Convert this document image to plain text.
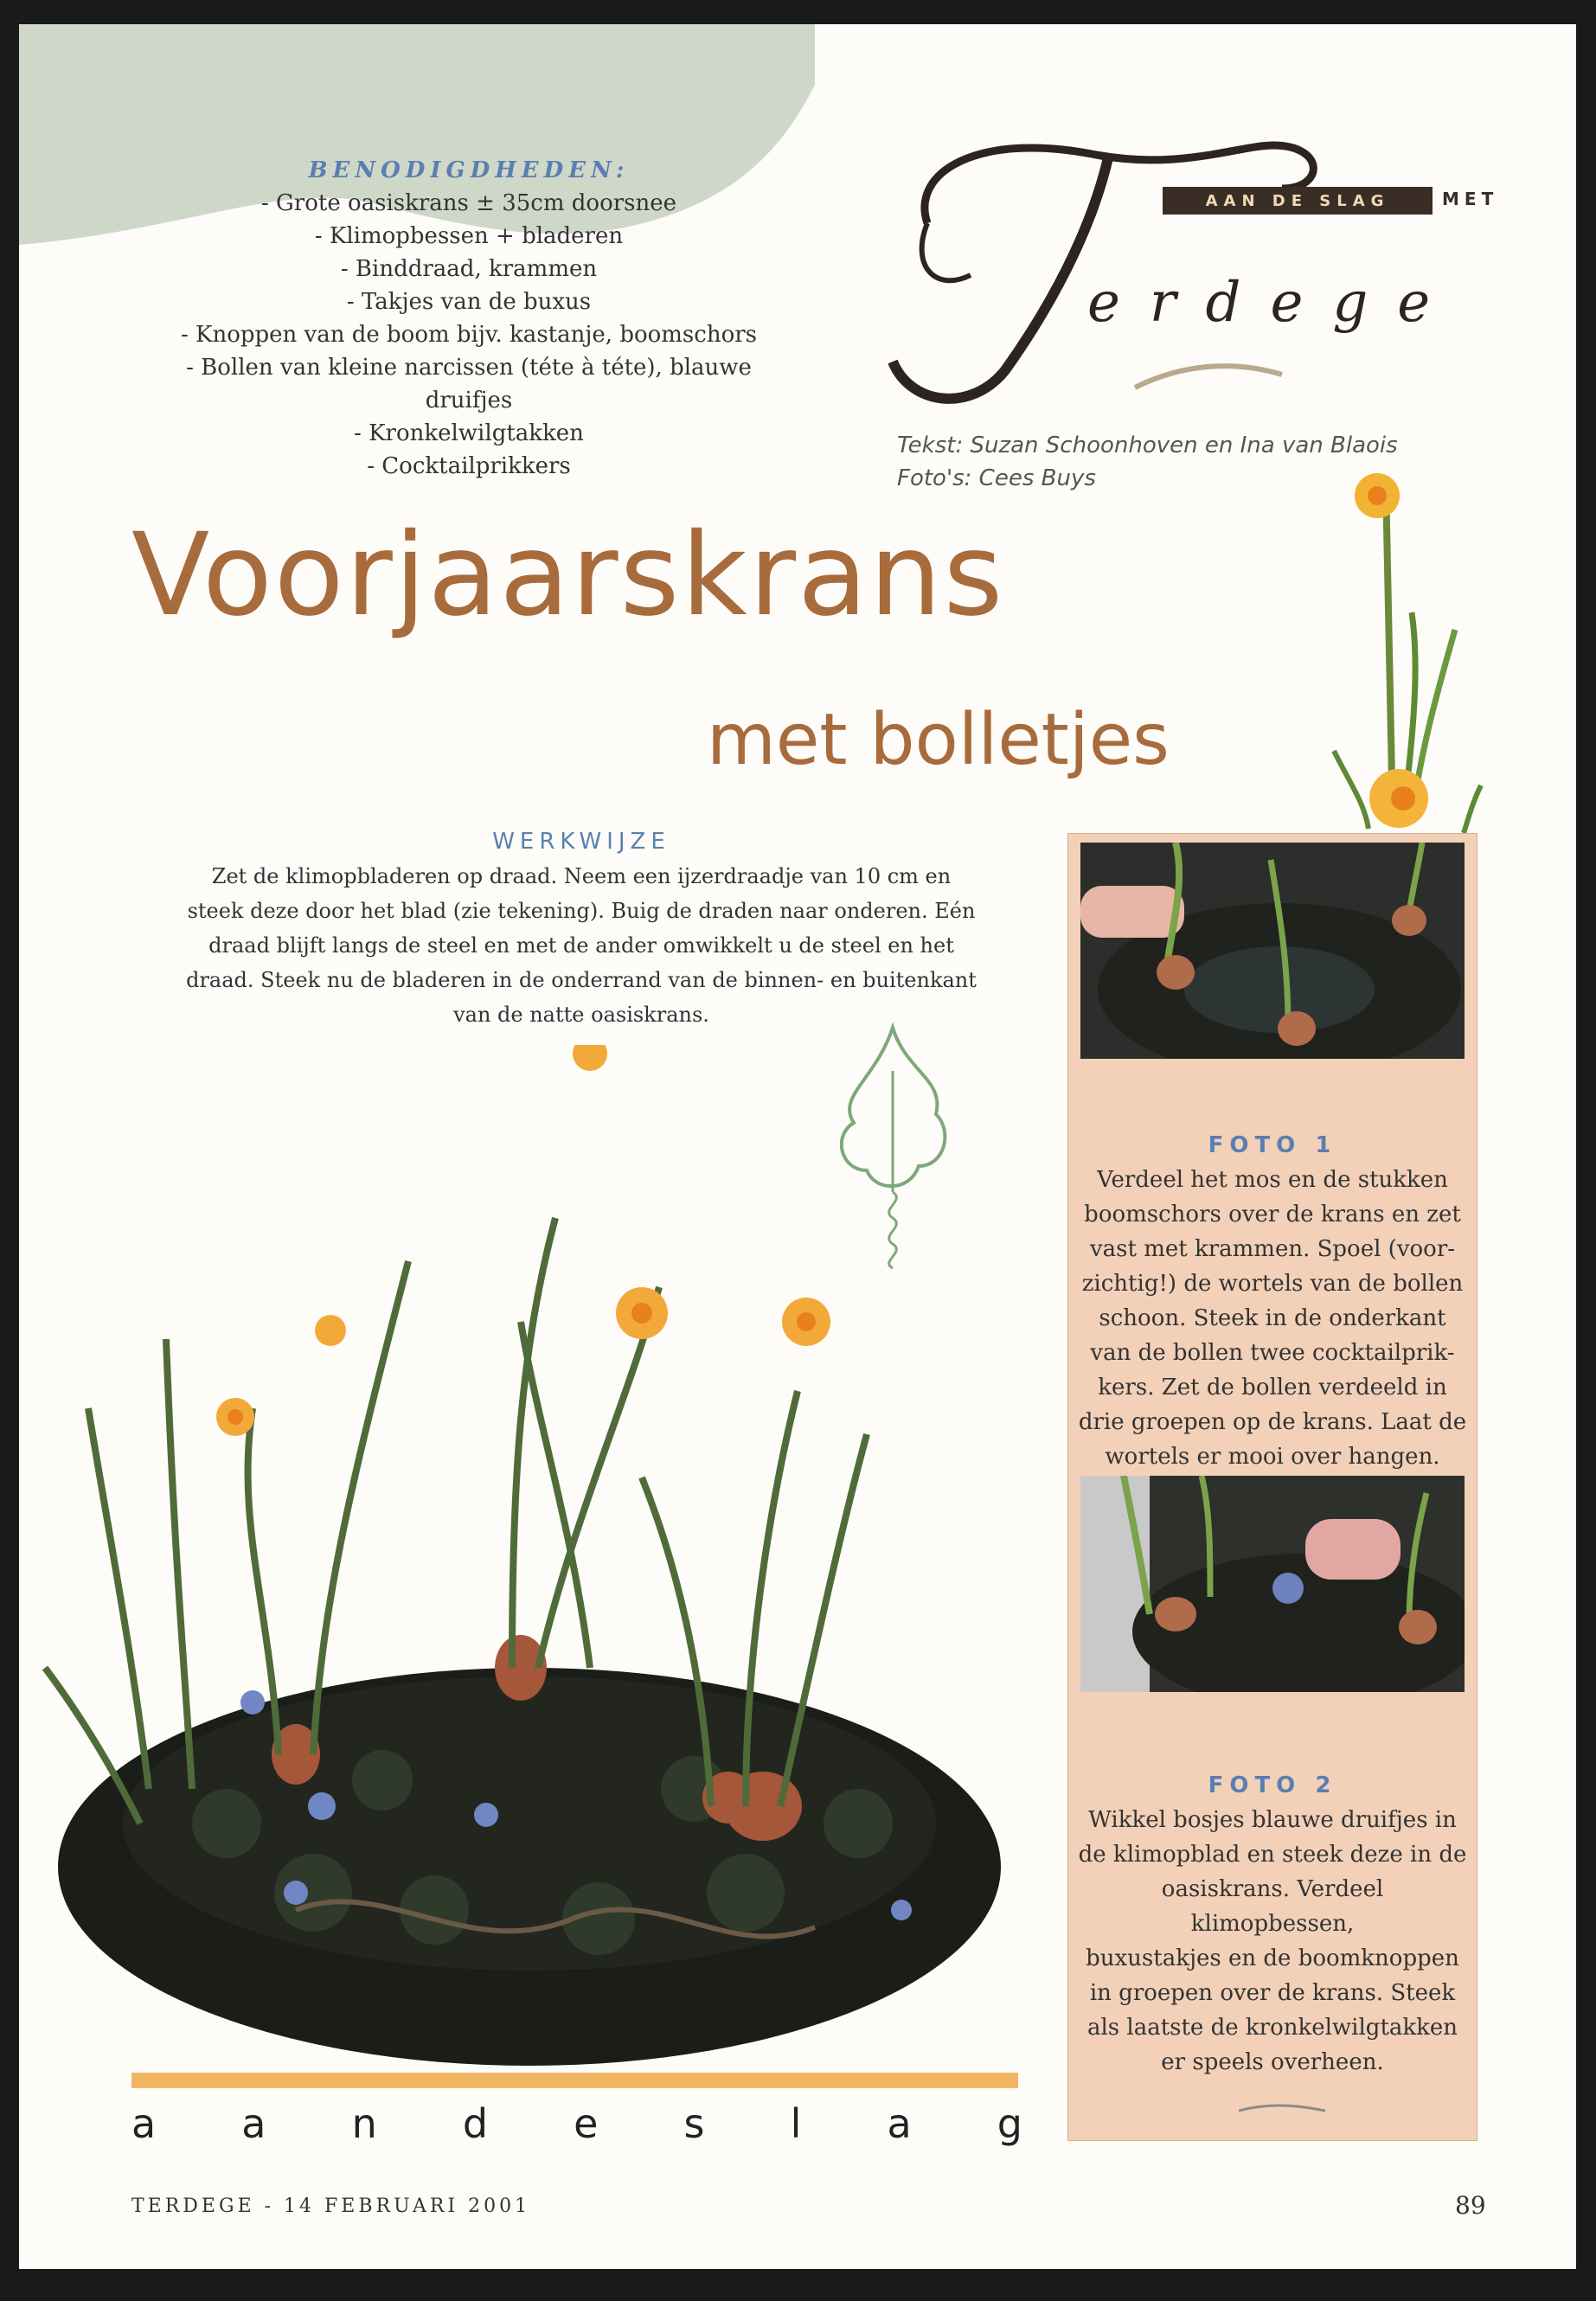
BENODIGDHEDEN:
- Grote oasiskrans ± 35cm doorsnee
- Klimopbessen + bladeren
- Binddraad, krammen
- Takjes van de buxus
- Knoppen van de boom bijv. kastanje, boomschors
- Bollen van kleine narcissen (téte à téte), blauwe
druifjes
- Kronkelwilgtakken
- Cocktailprikkers
AAN DE SLAG	MET
erdege
Tekst: Suzan Schoonhoven en Ina van Blaois
Foto's: Cees Buys
Voorjaarskrans
met bolletjes
WERKWIJZE
Zet de klimopbladeren op draad. Neem een ijzerdraadje van 10 cm en
steek deze door het blad (zie tekening). Buig de draden naar onderen. Eén
draad blijft langs de steel en met de ander omwikkelt u de steel en het
draad. Steek nu de bladeren in de onderrand van de binnen- en buitenkant
van de natte oasiskrans.
FOTO 1
Verdeel het mos en de stukken
boomschors over de krans en zet
vast met krammen. Spoel (voor-
zichtig!) de wortels van de bollen
schoon. Steek in de onderkant
van de bollen twee cocktailprik-
kers. Zet de bollen verdeeld in
drie groepen op de krans. Laat de
wortels er mooi over hangen.
FOTO 2
Wikkel bosjes blauwe druifjes in
de klimopblad en steek deze in de
oasiskrans. Verdeel klimopbessen,
buxustakjes en de boomknoppen
in groepen over de krans. Steek
als laatste de kronkelwilgtakken
er speels overheen.
a a n d e s l a g
TERDEGE - 14 FEBRUARI 2001	89
